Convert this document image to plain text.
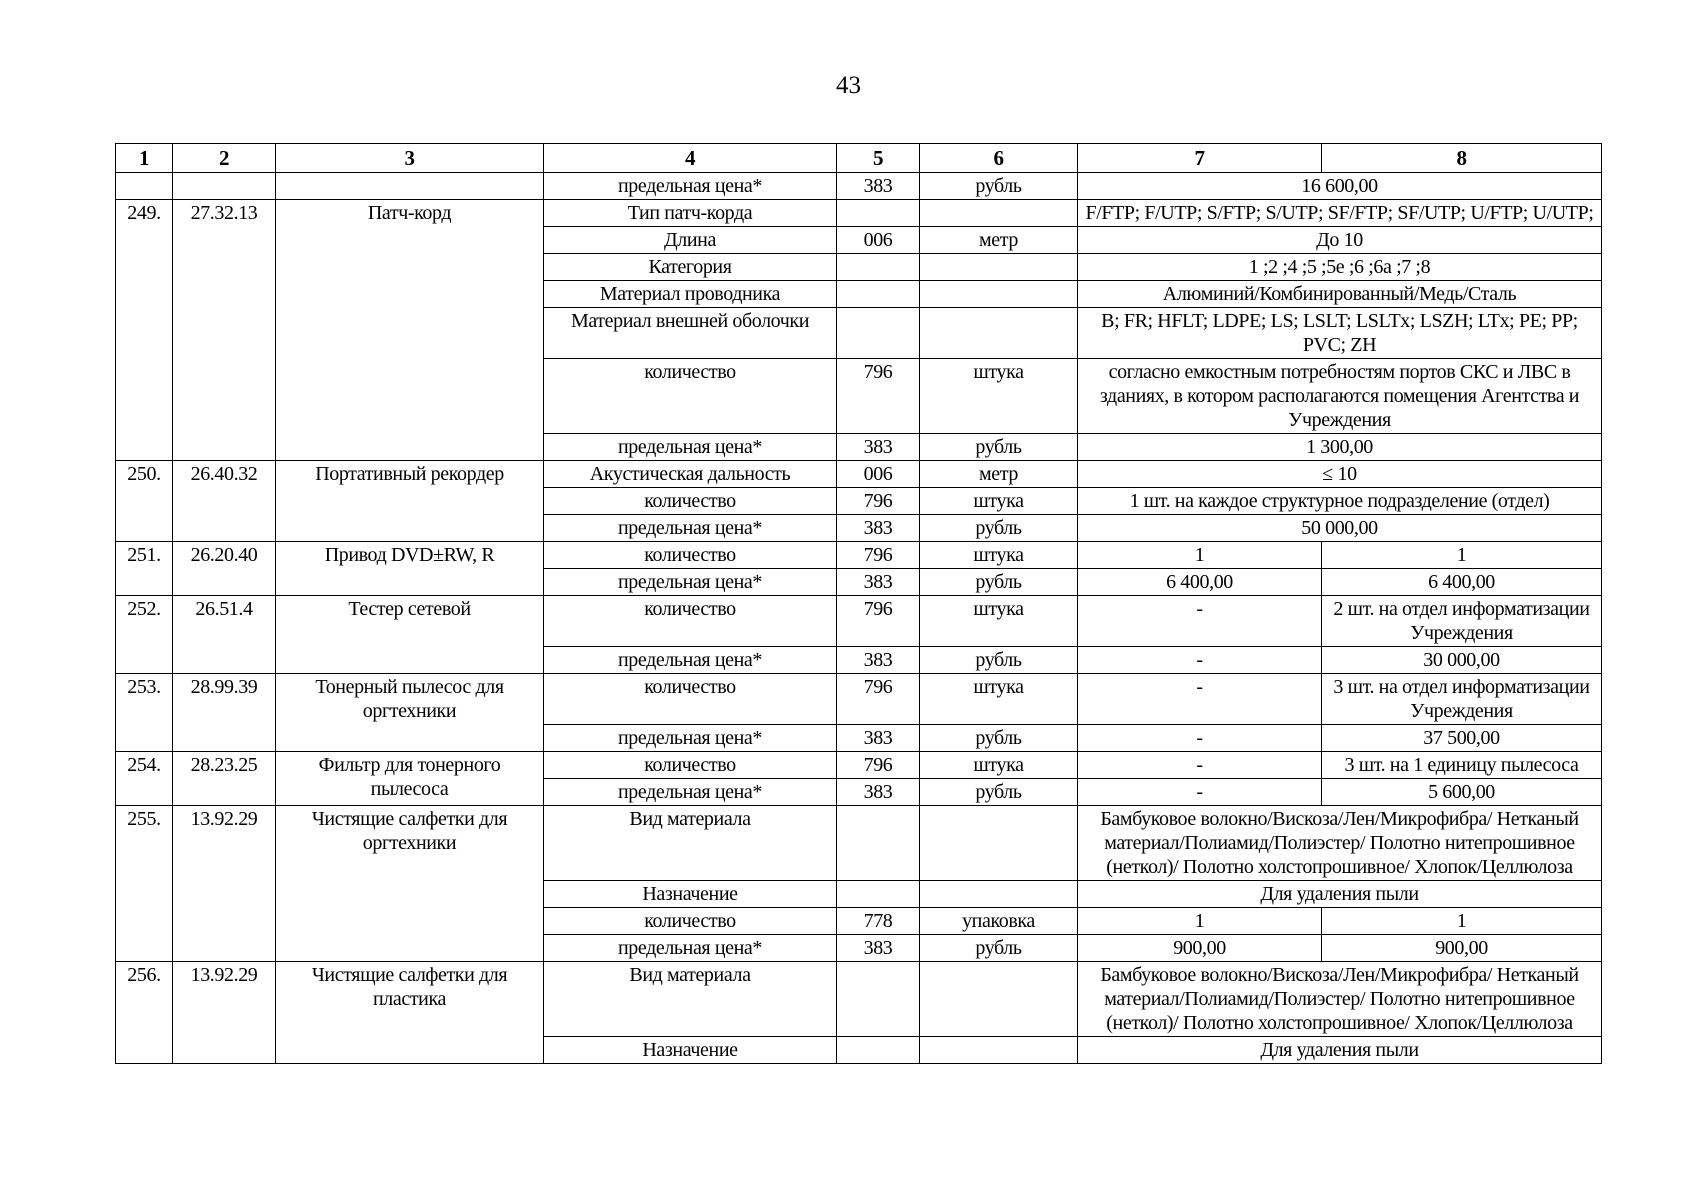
43
1	2	3	4	5	6	7	8
			предельная цена*	383	рубль	16 600,00	
249.	27.32.13	Патч-корд	Тип патч-корда			F/FTP; F/UTP; S/FTP; S/UTP; SF/FTP; SF/UTP; U/FTP; U/UTP;	
			Длина	006	метр	До 10	
			Категория			1 ;2 ;4 ;5 ;5e ;6 ;6a ;7 ;8	
			Материал проводника			Алюминий/Комбинированный/Медь/Сталь	
			Материал внешней оболочки			B; FR; HFLT; LDPE; LS; LSLT; LSLTx; LSZH; LTx; PE; PP; PVC; ZH	
			количество	796	штука	согласно емкостным потребностям портов СКС и ЛВС в зданиях, в котором располагаются помещения Агентства и Учреждения	
			предельная цена*	383	рубль	1 300,00	
250.	26.40.32	Портативный рекордер	Акустическая дальность	006	метр	≤ 10	
			количество	796	штука	1 шт. на каждое структурное подразделение (отдел)	
			предельная цена*	383	рубль	50 000,00	
251.	26.20.40	Привод DVD±RW, R	количество	796	штука	1	1
			предельная цена*	383	рубль	6 400,00	6 400,00
252.	26.51.4	Тестер сетевой	количество	796	штука	-	2 шт. на отдел информатизации Учреждения
			предельная цена*	383	рубль	-	30 000,00
253.	28.99.39	Тонерный пылесос для оргтехники	количество	796	штука	-	3 шт. на отдел информатизации Учреждения
			предельная цена*	383	рубль	-	37 500,00
254.	28.23.25	Фильтр для тонерного пылесоса	количество	796	штука	-	3 шт. на 1 единицу пылесоса
			предельная цена*	383	рубль	-	5 600,00
255.	13.92.29	Чистящие салфетки для оргтехники	Вид материала			Бамбуковое волокно/Вискоза/Лен/Микрофибра/ Нетканый материал/Полиамид/Полиэстер/ Полотно нитепрошивное (неткол)/ Полотно холстопрошивное/ Хлопок/Целлюлоза	
			Назначение			Для удаления пыли	
			количество	778	упаковка	1	1
			предельная цена*	383	рубль	900,00	900,00
256.	13.92.29	Чистящие салфетки для пластика	Вид материала			Бамбуковое волокно/Вискоза/Лен/Микрофибра/ Нетканый материал/Полиамид/Полиэстер/ Полотно нитепрошивное (неткол)/ Полотно холстопрошивное/ Хлопок/Целлюлоза	
			Назначение			Для удаления пыли	
